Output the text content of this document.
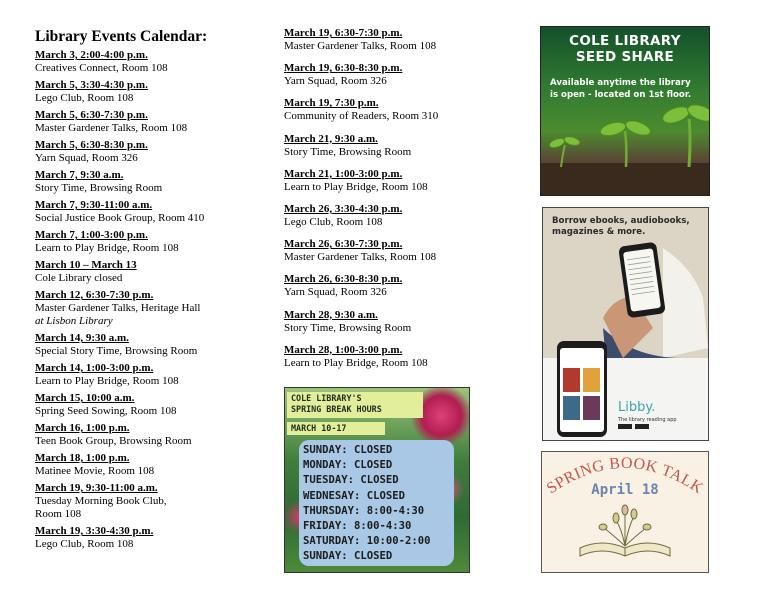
Library Events Calendar:
March 3, 2:00-4:00 p.m.
Creatives Connect, Room 108
March 5, 3:30-4:30 p.m.
Lego Club, Room 108
March 5, 6:30-7:30 p.m.
Master Gardener Talks, Room 108
March 5, 6:30-8:30 p.m.
Yarn Squad, Room 326
March 7, 9:30 a.m.
Story Time, Browsing Room
March 7, 9:30-11:00 a.m.
Social Justice Book Group, Room 410
March 7, 1:00-3:00 p.m.
Learn to Play Bridge, Room 108
March 10 – March 13
Cole Library closed
March 12, 6:30-7:30 p.m.
Master Gardener Talks, Heritage Hall
at Lisbon Library
March 14, 9:30 a.m.
Special Story Time, Browsing Room
March 14, 1:00-3:00 p.m.
Learn to Play Bridge, Room 108
March 15, 10:00 a.m.
Spring Seed Sowing, Room 108
March 16, 1:00 p.m.
Teen Book Group, Browsing Room
March 18, 1:00 p.m.
Matinee Movie, Room 108
March 19, 9:30-11:00 a.m.
Tuesday Morning Book Club,
Room 108
March 19, 3:30-4:30 p.m.
Lego Club, Room 108
March 19, 6:30-7:30 p.m.
Master Gardener Talks, Room 108
March 19, 6:30-8:30 p.m.
Yarn Squad, Room 326
March 19, 7:30 p.m.
Community of Readers, Room 310
March 21, 9:30 a.m.
Story Time, Browsing Room
March 21, 1:00-3:00 p.m.
Learn to Play Bridge, Room 108
March 26, 3:30-4:30 p.m.
Lego Club, Room 108
March 26, 6:30-7:30 p.m.
Master Gardener Talks, Room 108
March 26, 6:30-8:30 p.m.
Yarn Squad, Room 326
March 28, 9:30 a.m.
Story Time, Browsing Room
March 28, 1:00-3:00 p.m.
Learn to Play Bridge, Room 108
COLE LIBRARY
SEED SHARE
Available anytime the library
is open - located on 1st floor.
Borrow ebooks, audiobooks,
magazines & more.
Libby.
The library reading app
COLE LIBRARY'S
SPRING BREAK HOURS
MARCH 10-17
SUNDAY: CLOSED
MONDAY: CLOSED
TUESDAY: CLOSED
WEDNESAY: CLOSED
THURSDAY: 8:00-4:30
FRIDAY: 8:00-4:30
SATURDAY: 10:00-2:00
SUNDAY: CLOSED
SPRING BOOK TALK
April 18
